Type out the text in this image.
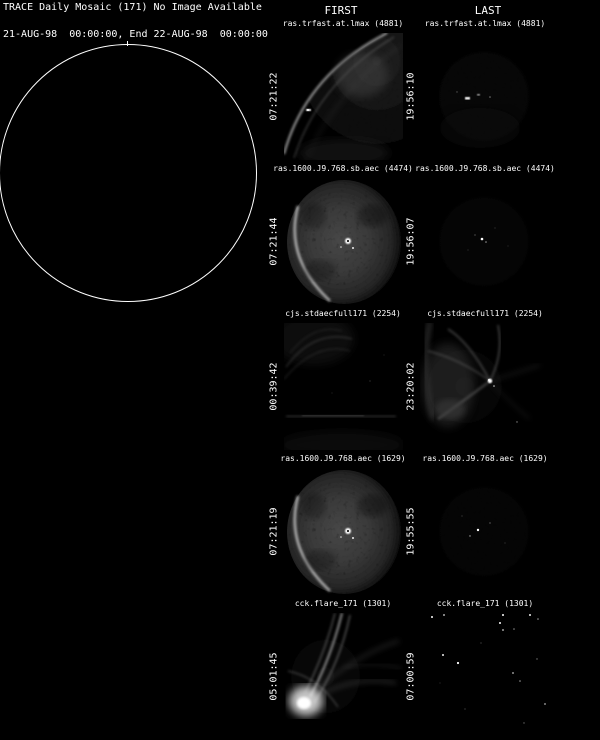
TRACE Daily Mosaic (171) No Image Available
21-AUG-98  00:00:00, End 22-AUG-98  00:00:00
FIRST	LAST
ras.trfast.at.lmax (4881)	ras.trfast.at.lmax (4881)
07:21:22	19:56:10
ras.1600.J9.768.sb.aec (4474) ras.1600.J9.768.sb.aec (4474)
07:21:44	19:56:07
cjs.stdaecfull171 (2254)	cjs.stdaecfull171 (2254)
00:39:42	23:20:02
ras.1600.J9.768.aec (1629) ras.1600.J9.768.aec (1629)
07:21:19	19:55:55
cck.flare_171 (1301)	cck.flare_171 (1301)
05:01:45	07:00:59
